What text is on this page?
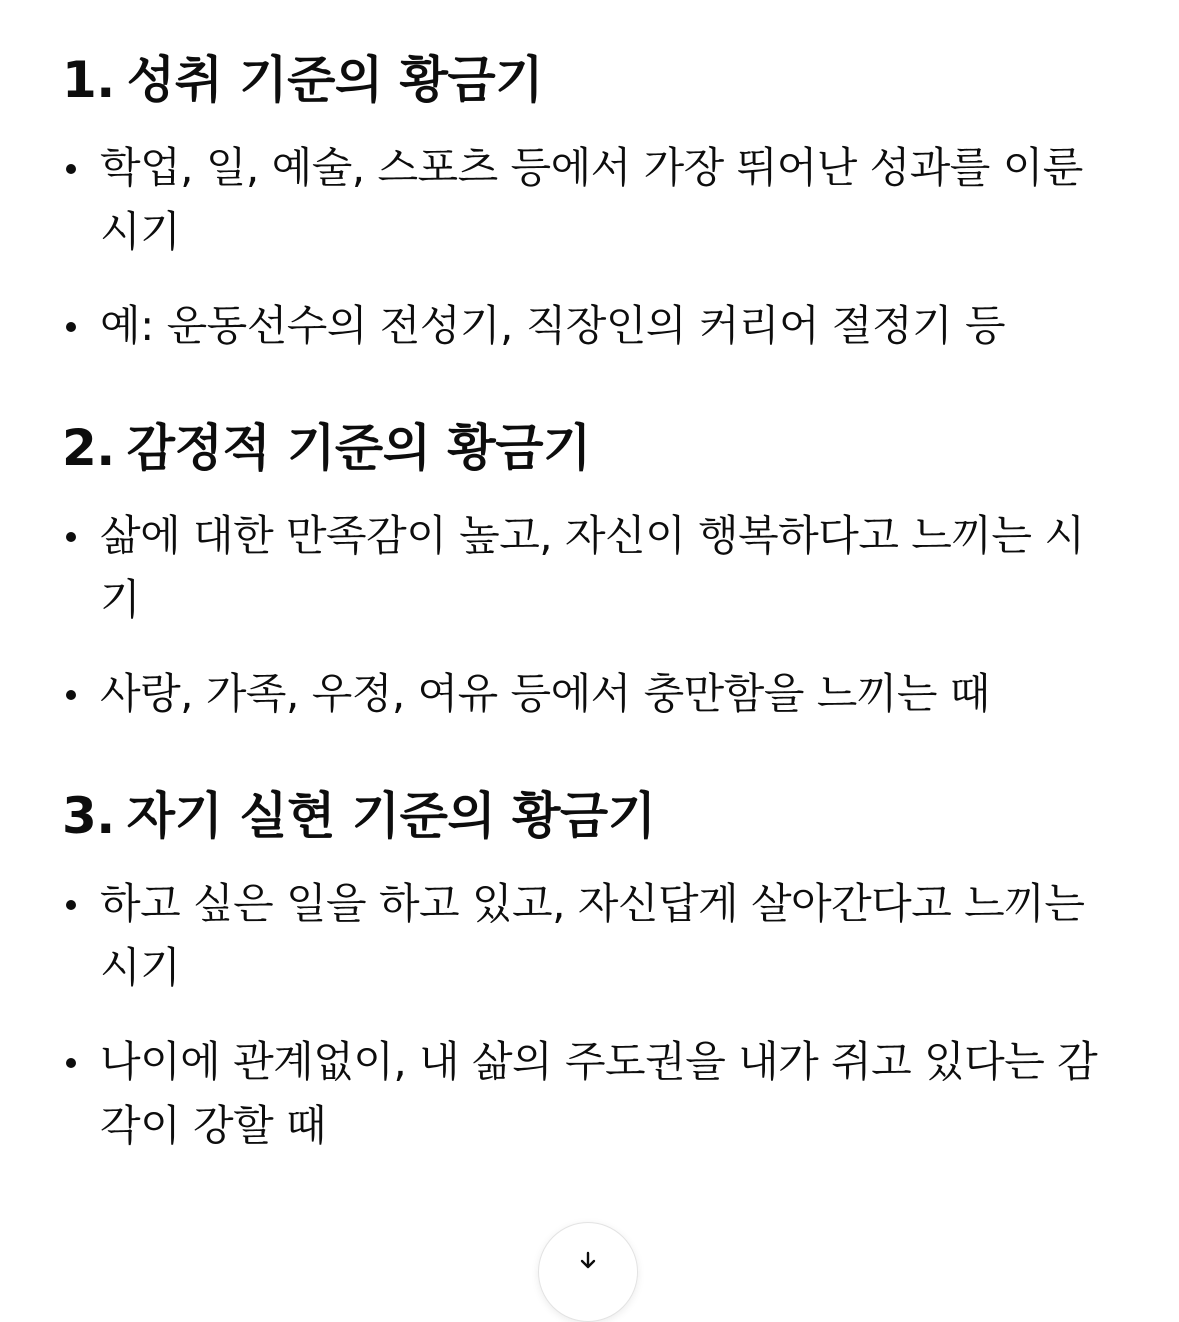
1. 성취 기준의 황금기
학업, 일, 예술, 스포츠 등에서 가장 뛰어난 성과를 이룬 시기
예: 운동선수의 전성기, 직장인의 커리어 절정기 등
2. 감정적 기준의 황금기
삶에 대한 만족감이 높고, 자신이 행복하다고 느끼는 시기
사랑, 가족, 우정, 여유 등에서 충만함을 느끼는 때
3. 자기 실현 기준의 황금기
하고 싶은 일을 하고 있고, 자신답게 살아간다고 느끼는 시기
나이에 관계없이, 내 삶의 주도권을 내가 쥐고 있다는 감각이 강할 때
